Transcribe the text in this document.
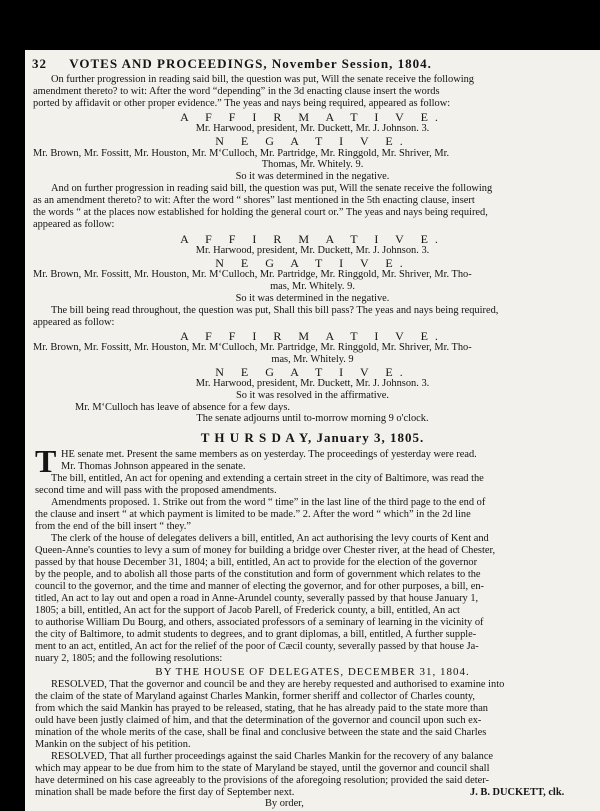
32 VOTES AND PROCEEDINGS, November Session, 1804.
On further progression in reading said bill, the question was put, Will the senate receive the following
amendment thereto? to wit: After the word “depending” in the 3d enacting clause insert the words
ported by affidavit or other proper evidence.” The yeas and nays being required, appeared as follow:
A F F I R M A T I V E.
Mr. Harwood, president, Mr. Duckett, Mr. J. Johnson. 3.
N E G A T I V E.
Mr. Brown, Mr. Fossitt, Mr. Houston, Mr. M‘Culloch, Mr. Partridge, Mr. Ringgold, Mr. Shriver, Mr.
Thomas, Mr. Whitely. 9.
So it was determined in the negative.
And on further progression in reading said bill, the question was put, Will the senate receive the following
as an amendment thereto? to wit: After the word “ shores” last mentioned in the 5th enacting clause, insert
the words “ at the places now established for holding the general court or.” The yeas and nays being required,
appeared as follow:
A F F I R M A T I V E.
Mr. Harwood, president, Mr. Duckett, Mr. J. Johnson. 3.
N E G A T I V E.
Mr. Brown, Mr. Fossitt, Mr. Houston, Mr. M‘Culloch, Mr. Partridge, Mr. Ringgold, Mr. Shriver, Mr. Tho-
mas, Mr. Whitely. 9.
So it was determined in the negative.
The bill being read throughout, the question was put, Shall this bill pass? The yeas and nays being required,
appeared as follow:
A F F I R M A T I V E.
Mr. Brown, Mr. Fossitt, Mr. Houston, Mr. M‘Culloch, Mr. Partridge, Mr. Ringgold, Mr. Shriver, Mr. Tho-
mas, Mr. Whitely. 9
N E G A T I V E.
Mr. Harwood, president, Mr. Duckett, Mr. J. Johnson. 3.
So it was resolved in the affirmative.
Mr. M‘Culloch has leave of absence for a few days.
The senate adjourns until to-morrow morning 9 o'clock.
T H U R S D A Y, January 3, 1805.
T HE senate met. Present the same members as on yesterday. The proceedings of yesterday were read.
Mr. Thomas Johnson appeared in the senate.
The bill, entitled, An act for opening and extending a certain street in the city of Baltimore, was read the
second time and will pass with the proposed amendments.
Amendments proposed. 1. Strike out from the word “ time” in the last line of the third page to the end of
the clause and insert “ at which payment is limited to be made.” 2. After the word “ which” in the 2d line
from the end of the bill insert “ they.”
The clerk of the house of delegates delivers a bill, entitled, An act authorising the levy courts of Kent and
Queen-Anne's counties to levy a sum of money for building a bridge over Chester river, at the head of Chester,
passed by that house December 31, 1804; a bill, entitled, An act to provide for the election of the governor
by the people, and to abolish all those parts of the constitution and form of government which relates to the
council to the governor, and the time and manner of electing the governor, and for other purposes, a bill, en-
titled, An act to lay out and open a road in Anne-Arundel county, severally passed by that house January 1,
1805; a bill, entitled, An act for the support of Jacob Parell, of Frederick county, a bill, entitled, An act
to authorise William Du Bourg, and others, associated professors of a seminary of learning in the vicinity of
the city of Baltimore, to admit students to degrees, and to grant diplomas, a bill, entitled, A further supple-
ment to an act, entitled, An act for the relief of the poor of Cæcil county, severally passed by that house Ja-
nuary 2, 1805; and the following resolutions:
BY THE HOUSE OF DELEGATES, DECEMBER 31, 1804.
RESOLVED, That the governor and council be and they are hereby requested and authorised to examine into
the claim of the state of Maryland against Charles Mankin, former sheriff and collector of Charles county,
from which the said Mankin has prayed to be released, stating, that he has already paid to the state more than
ould have been justly claimed of him, and that the determination of the governor and council upon such ex-
mination of the whole merits of the case, shall be final and conclusive between the state and the said Charles
Mankin on the subject of his petition.
RESOLVED, That all further proceedings against the said Charles Mankin for the recovery of any balance
which may appear to be due from him to the state of Maryland be stayed, until the governor and council shall
have determined on his case agreeably to the provisions of the aforegoing resolution; provided the said deter-
mination shall be made before the first day of September next.
By order,
J. B. DUCKETT, clk.
